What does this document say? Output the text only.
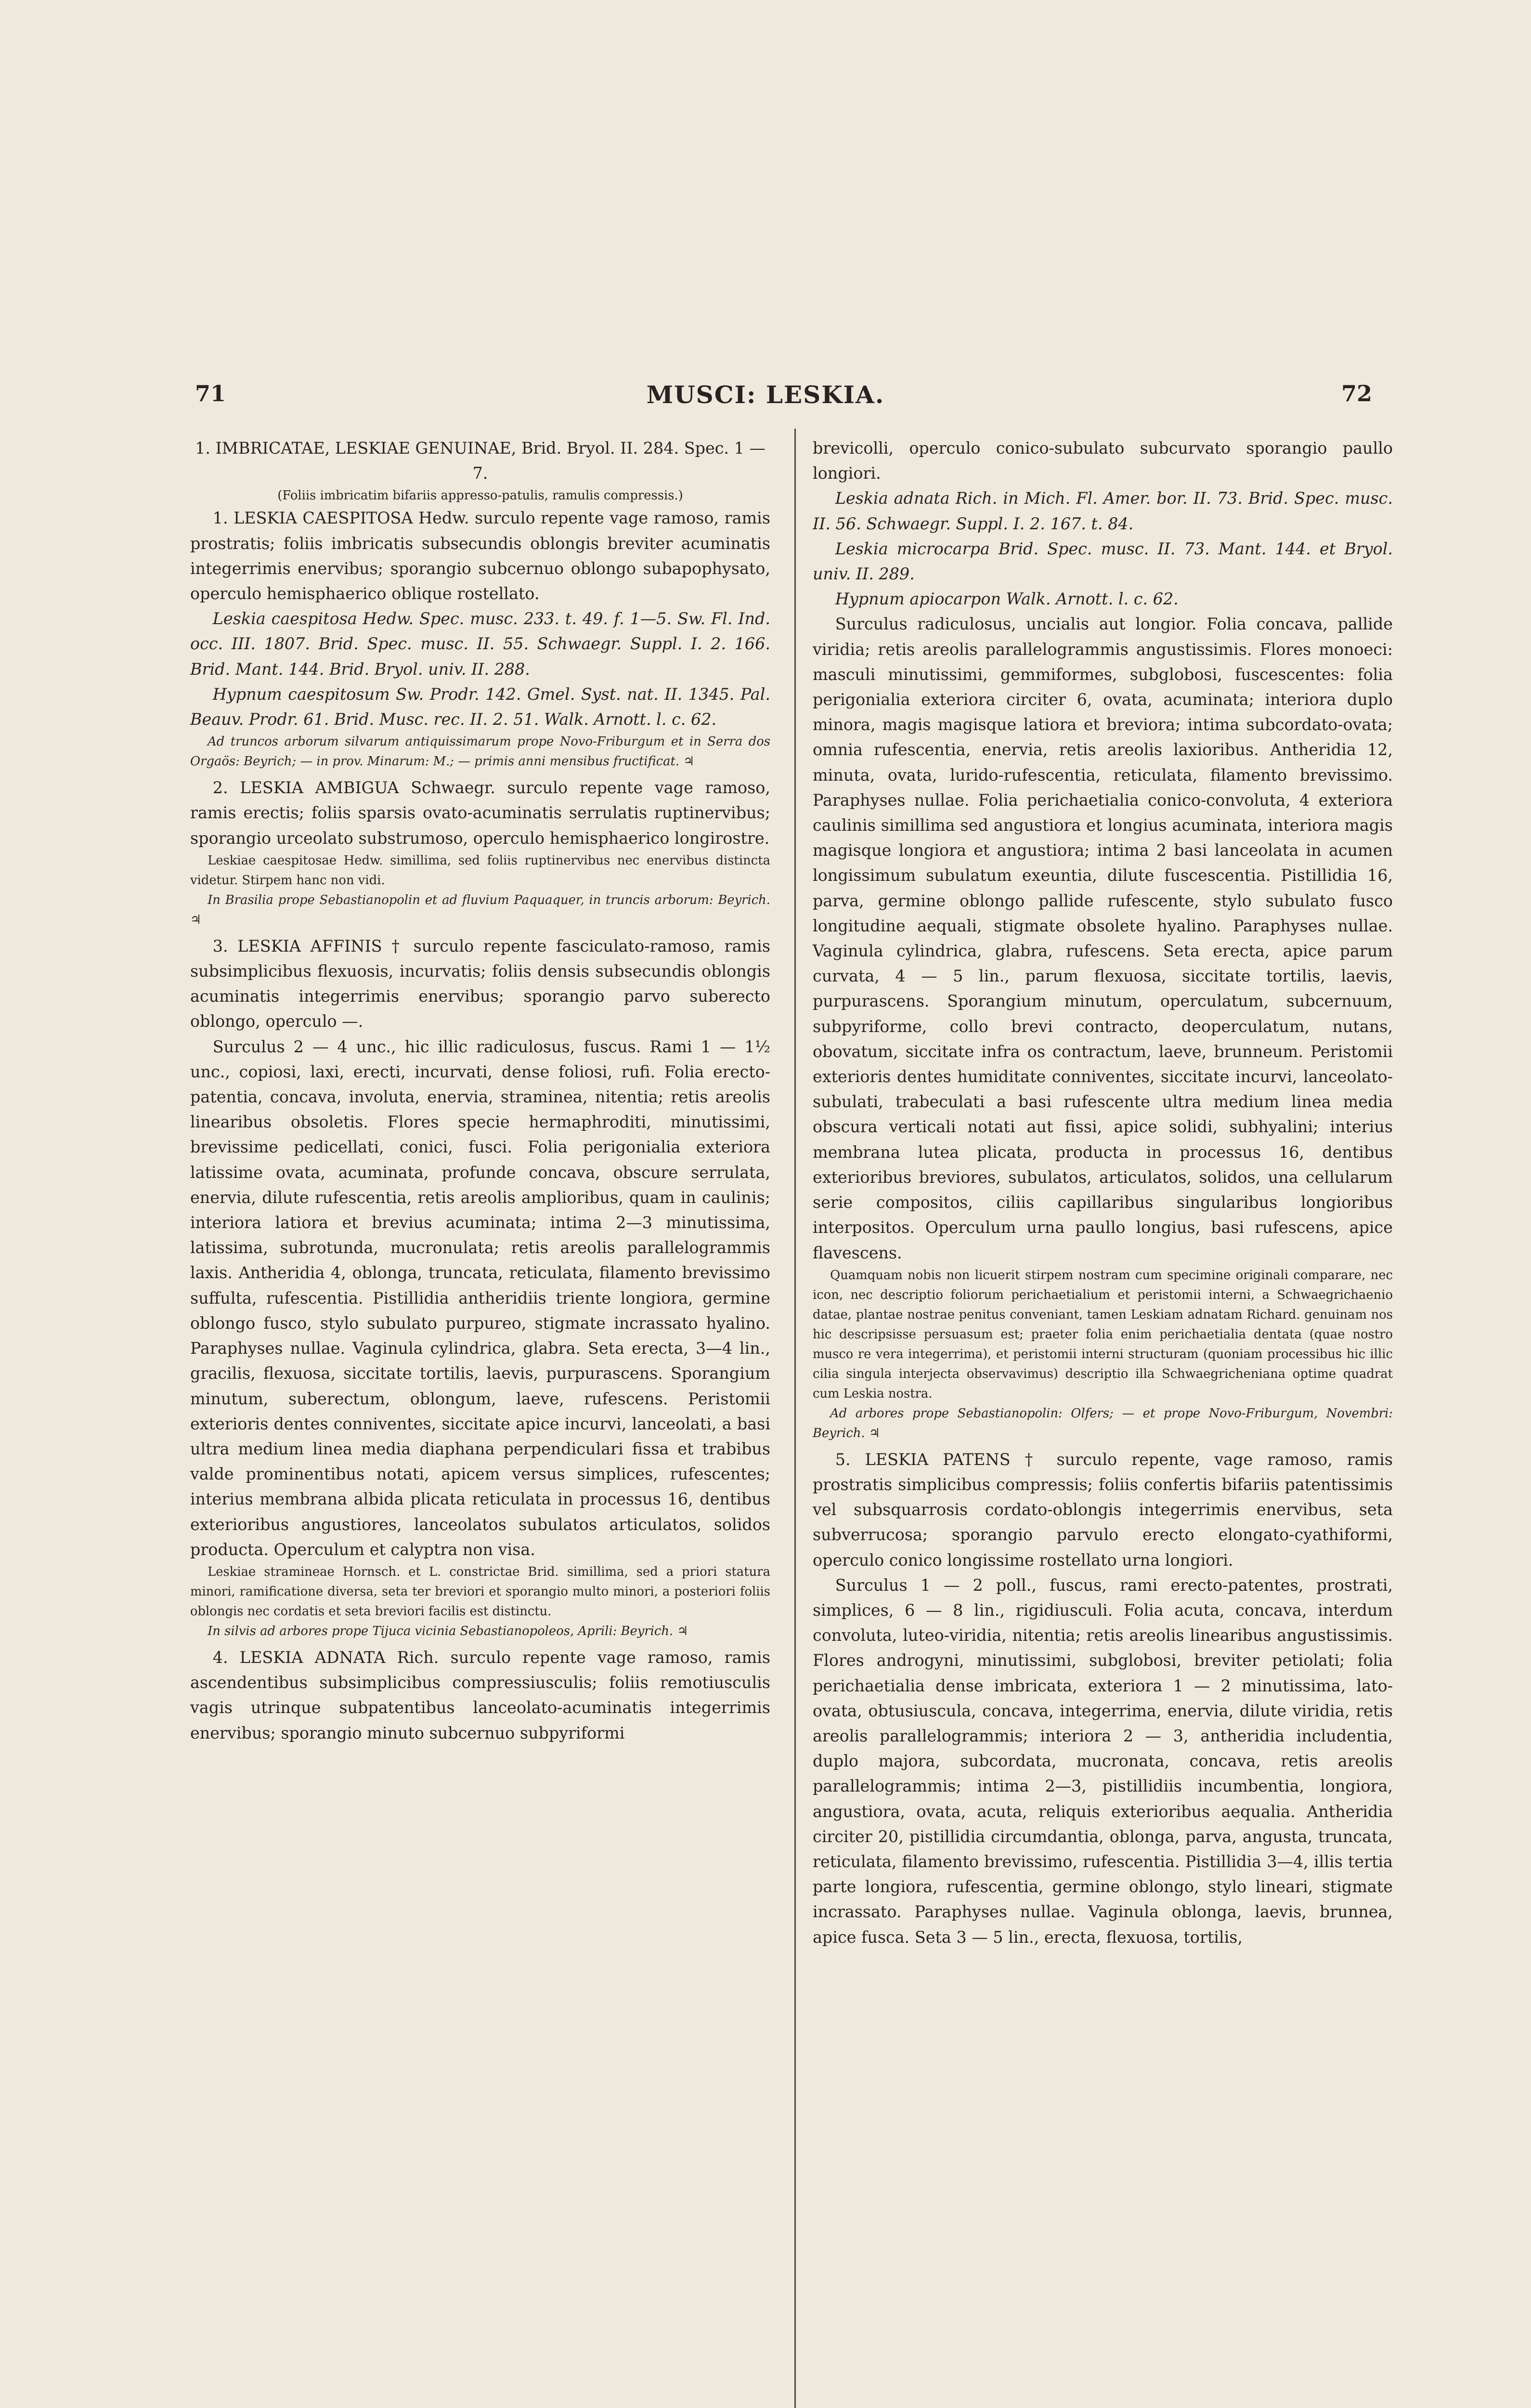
71	MUSCI: LESKIA.	72

1. IMBRICATAE, LESKIAE GENUINAE, Brid. Bryol. II. 284. Spec. 1 — 7.

(Foliis imbricatim bifariis appresso-patulis, ramulis compressis.)

1. LESKIA CAESPITOSA Hedw. surculo repente vage ramoso, ramis prostratis; foliis imbricatis subsecundis oblongis breviter acuminatis integerrimis enervibus; sporangio subcernuo oblongo subapophysato, operculo hemisphaerico oblique rostellato.

Leskia caespitosa Hedw. Spec. musc. 233. t. 49. f. 1—5. Sw. Fl. Ind. occ. III. 1807. Brid. Spec. musc. II. 55. Schwaegr. Suppl. I. 2. 166. Brid. Mant. 144. Brid. Bryol. univ. II. 288.

Hypnum caespitosum Sw. Prodr. 142. Gmel. Syst. nat. II. 1345. Pal. Beauv. Prodr. 61. Brid. Musc. rec. II. 2. 51. Walk. Arnott. l. c. 62.

Ad truncos arborum silvarum antiquissimarum prope Novo-Friburgum et in Serra dos Orgaös: Beyrich; — in prov. Minarum: M.; — primis anni mensibus fructificat. ♃

2. LESKIA AMBIGUA Schwaegr. surculo repente vage ramoso, ramis erectis; foliis sparsis ovato-acuminatis serrulatis ruptinervibus; sporangio urceolato substrumoso, operculo hemisphaerico longirostre.

Leskiae caespitosae Hedw. simillima, sed foliis ruptinervibus nec enervibus distincta videtur. Stirpem hanc non vidi.

In Brasilia prope Sebastianopolin et ad fluvium Paquaquer, in truncis arborum: Beyrich. ♃

3. LESKIA AFFINIS † surculo repente fasciculato-ramoso, ramis subsimplicibus flexuosis, incurvatis; foliis densis subsecundis oblongis acuminatis integerrimis enervibus; sporangio parvo suberecto oblongo, operculo —.

Surculus 2 — 4 unc., hic illic radiculosus, fuscus. Rami 1 — 1½ unc., copiosi, laxi, erecti, incurvati, dense foliosi, rufi. Folia erecto-patentia, concava, involuta, enervia, straminea, nitentia; retis areolis linearibus obsoletis. Flores specie hermaphroditi, minutissimi, brevissime pedicellati, conici, fusci. Folia perigonialia exteriora latissime ovata, acuminata, profunde concava, obscure serrulata, enervia, dilute rufescentia, retis areolis amplioribus, quam in caulinis; interiora latiora et brevius acuminata; intima 2—3 minutissima, latissima, subrotunda, mucronulata; retis areolis parallelogrammis laxis. Antheridia 4, oblonga, truncata, reticulata, filamento brevissimo suffulta, rufescentia. Pistillidia antheridiis triente longiora, germine oblongo fusco, stylo subulato purpureo, stigmate incrassato hyalino. Paraphyses nullae. Vaginula cylindrica, glabra. Seta erecta, 3—4 lin., gracilis, flexuosa, siccitate tortilis, laevis, purpurascens. Sporangium minutum, suberectum, oblongum, laeve, rufescens. Peristomii exterioris dentes conniventes, siccitate apice incurvi, lanceolati, a basi ultra medium linea media diaphana perpendiculari fissa et trabibus valde prominentibus notati, apicem versus simplices, rufescentes; interius membrana albida plicata reticulata in processus 16, dentibus exterioribus angustiores, lanceolatos subulatos articulatos, solidos producta. Operculum et calyptra non visa.

Leskiae stramineae Hornsch. et L. constrictae Brid. simillima, sed a priori statura minori, ramificatione diversa, seta ter breviori et sporangio multo minori, a posteriori foliis oblongis nec cordatis et seta breviori facilis est distinctu.

In silvis ad arbores prope Tijuca vicinia Sebastianopoleos, Aprili: Beyrich. ♃

4. LESKIA ADNATA Rich. surculo repente vage ramoso, ramis ascendentibus subsimplicibus compressiusculis; foliis remotiusculis vagis utrinque subpatentibus lanceolato-acuminatis integerrimis enervibus; sporangio minuto subcernuo subpyriformi

brevicolli, operculo conico-subulato subcurvato sporangio paullo longiori.

Leskia adnata Rich. in Mich. Fl. Amer. bor. II. 73. Brid. Spec. musc. II. 56. Schwaegr. Suppl. I. 2. 167. t. 84.

Leskia microcarpa Brid. Spec. musc. II. 73. Mant. 144. et Bryol. univ. II. 289.

Hypnum apiocarpon Walk. Arnott. l. c. 62.

Surculus radiculosus, uncialis aut longior. Folia concava, pallide viridia; retis areolis parallelogrammis angustissimis. Flores monoeci: masculi minutissimi, gemmiformes, subglobosi, fuscescentes: folia perigonialia exteriora circiter 6, ovata, acuminata; interiora duplo minora, magis magisque latiora et breviora; intima subcordato-ovata; omnia rufescentia, enervia, retis areolis laxioribus. Antheridia 12, minuta, ovata, lurido-rufescentia, reticulata, filamento brevissimo. Paraphyses nullae. Folia perichaetialia conico-convoluta, 4 exteriora caulinis simillima sed angustiora et longius acuminata, interiora magis magisque longiora et angustiora; intima 2 basi lanceolata in acumen longissimum subulatum exeuntia, dilute fuscescentia. Pistillidia 16, parva, germine oblongo pallide rufescente, stylo subulato fusco longitudine aequali, stigmate obsolete hyalino. Paraphyses nullae. Vaginula cylindrica, glabra, rufescens. Seta erecta, apice parum curvata, 4 — 5 lin., parum flexuosa, siccitate tortilis, laevis, purpurascens. Sporangium minutum, operculatum, subcernuum, subpyriforme, collo brevi contracto, deoperculatum, nutans, obovatum, siccitate infra os contractum, laeve, brunneum. Peristomii exterioris dentes humiditate conniventes, siccitate incurvi, lanceolato-subulati, trabeculati a basi rufescente ultra medium linea media obscura verticali notati aut fissi, apice solidi, subhyalini; interius membrana lutea plicata, producta in processus 16, dentibus exterioribus breviores, subulatos, articulatos, solidos, una cellularum serie compositos, ciliis capillaribus singularibus longioribus interpositos. Operculum urna paullo longius, basi rufescens, apice flavescens.

Quamquam nobis non licuerit stirpem nostram cum specimine originali comparare, nec icon, nec descriptio foliorum perichaetialium et peristomii interni, a Schwaegrichaenio datae, plantae nostrae penitus conveniant, tamen Leskiam adnatam Richard. genuinam nos hic descripsisse persuasum est; praeter folia enim perichaetialia dentata (quae nostro musco re vera integerrima), et peristomii interni structuram (quoniam processibus hic illic cilia singula interjecta observavimus) descriptio illa Schwaegricheniana optime quadrat cum Leskia nostra.

Ad arbores prope Sebastianopolin: Olfers; — et prope Novo-Friburgum, Novembri: Beyrich. ♃

5. LESKIA PATENS † surculo repente, vage ramoso, ramis prostratis simplicibus compressis; foliis confertis bifariis patentissimis vel subsquarrosis cordato-oblongis integerrimis enervibus, seta subverrucosa; sporangio parvulo erecto elongato-cyathiformi, operculo conico longissime rostellato urna longiori.

Surculus 1 — 2 poll., fuscus, rami erecto-patentes, prostrati, simplices, 6 — 8 lin., rigidiusculi. Folia acuta, concava, interdum convoluta, luteo-viridia, nitentia; retis areolis linearibus angustissimis. Flores androgyni, minutissimi, subglobosi, breviter petiolati; folia perichaetialia dense imbricata, exteriora 1 — 2 minutissima, lato-ovata, obtusiuscula, concava, integerrima, enervia, dilute viridia, retis areolis parallelogrammis; interiora 2 — 3, antheridia includentia, duplo majora, subcordata, mucronata, concava, retis areolis parallelogrammis; intima 2—3, pistillidiis incumbentia, longiora, angustiora, ovata, acuta, reliquis exterioribus aequalia. Antheridia circiter 20, pistillidia circumdantia, oblonga, parva, angusta, truncata, reticulata, filamento brevissimo, rufescentia. Pistillidia 3—4, illis tertia parte longiora, rufescentia, germine oblongo, stylo lineari, stigmate incrassato. Paraphyses nullae. Vaginula oblonga, laevis, brunnea, apice fusca. Seta 3 — 5 lin., erecta, flexuosa, tortilis,
